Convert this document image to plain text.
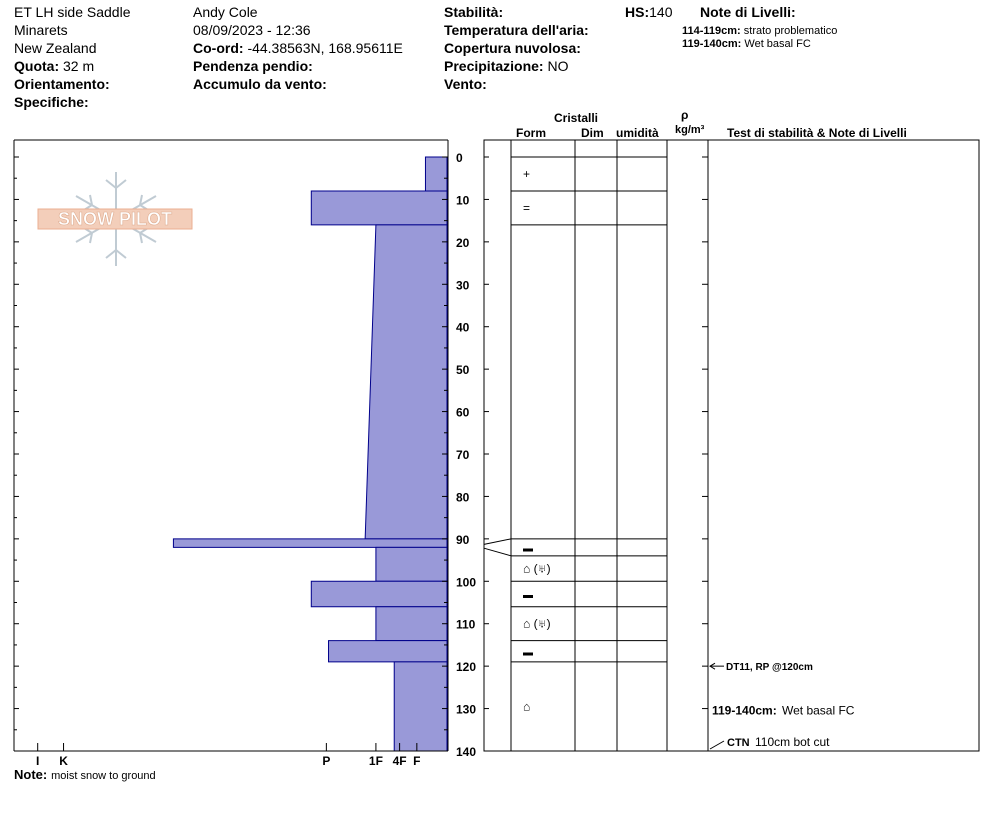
ET LH side Saddle
Minarets
New Zealand
Quota: 32 m
Orientamento:
Specifiche:
Andy Cole
08/09/2023 - 12:36
Co-ord: -44.38563N, 168.95611E
Pendenza pendio:
Accumulo da vento:
Stabilità:
Temperatura dell'aria:
Copertura nuvolosa:
Precipitazione: NO
Vento:
HS:140 Note di Livelli:
114-119cm: strato problematico
119-140cm: Wet basal FC
Cristalli
Form	Dim umidità
ρ
kg/m³ Test di stabilità & Note di Livelli
SNOW PILOT
0
10
20
30
40
50
60
70
80
90
100
110
120
130
140
I K	P	1F 4F F
+
=
▬
⌂ (♅)
▬
⌂ (♅)
▬
⌂
DT11, RP @120cm
CTN 110cm bot cut
119-140cm: Wet basal FC
Note: moist snow to ground
